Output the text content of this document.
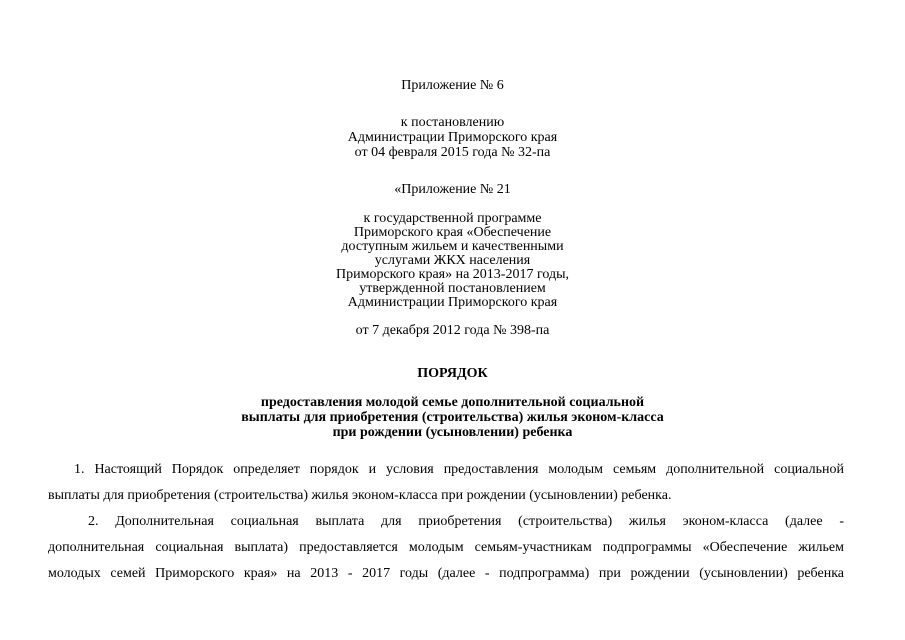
Приложение № 6
к постановлению
Администрации Приморского края
от 04 февраля 2015 года № 32-па
«Приложение № 21
к государственной программе
Приморского края «Обеспечение
доступным жильем и качественными
услугами ЖКХ населения
Приморского края» на 2013-2017 годы,
утвержденной постановлением
Администрации Приморского края
от 7 декабря 2012 года № 398-па
ПОРЯДОК
предоставления молодой семье дополнительной социальной
выплаты для приобретения (строительства) жилья эконом-класса
при рождении (усыновлении) ребенка
1. Настоящий Порядок определяет порядок и условия предоставления молодым семьям дополнительной социальной
выплаты для приобретения (строительства) жилья эконом-класса при рождении (усыновлении) ребенка.
2. Дополнительная социальная выплата для приобретения (строительства) жилья эконом-класса (далее -
дополнительная социальная выплата) предоставляется молодым семьям-участникам подпрограммы «Обеспечение жильем
молодых семей Приморского края» на 2013 - 2017 годы (далее - подпрограмма) при рождении (усыновлении) ребенка
